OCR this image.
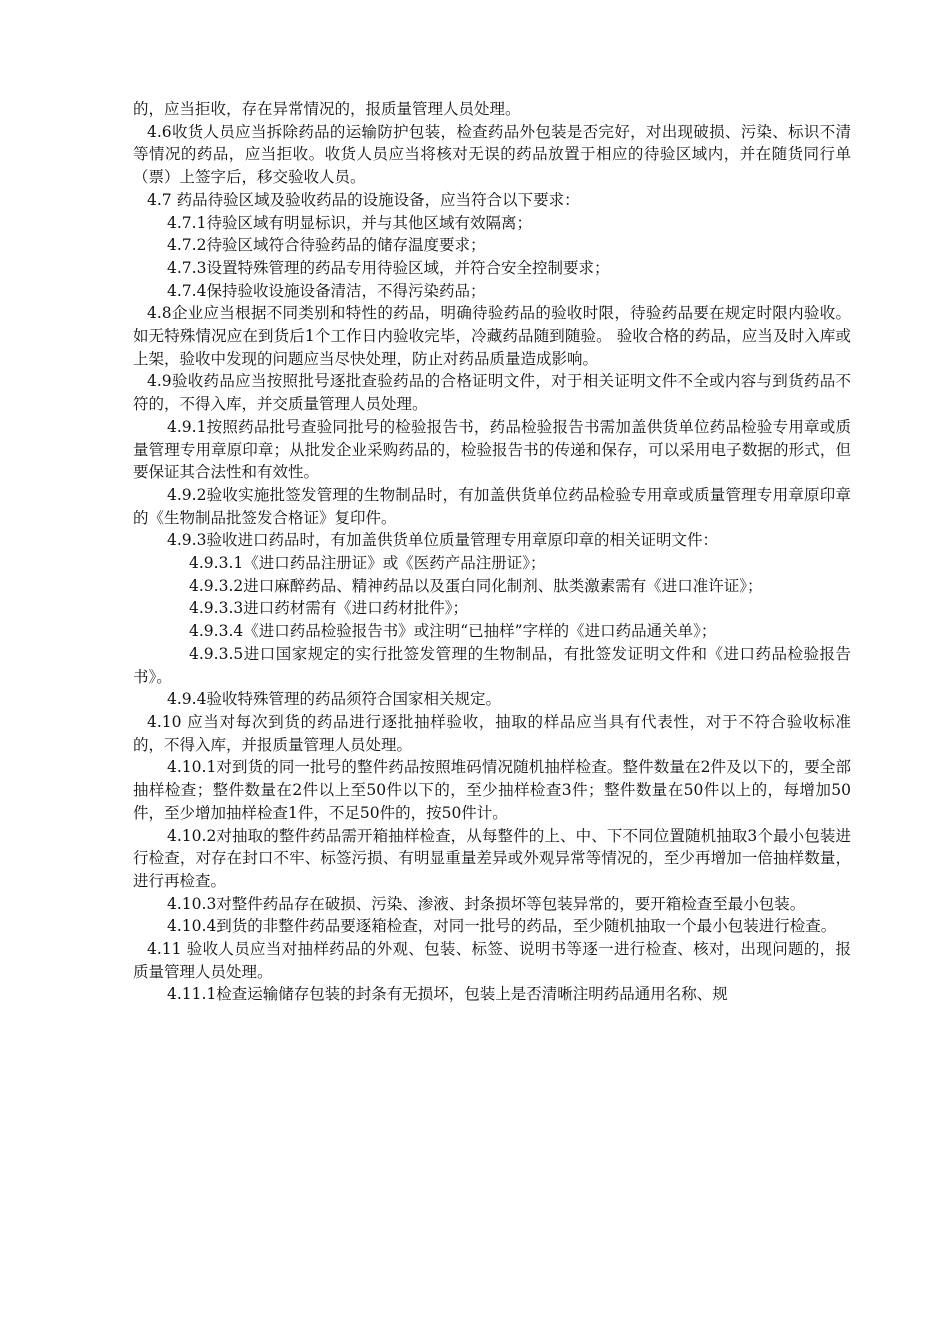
的，应当拒收，存在异常情况的，报质量管理人员处理。

4.6收货人员应当拆除药品的运输防护包装，检查药品外包装是否完好，对出现破损、污染、标识不清等情况的药品，应当拒收。收货人员应当将核对无误的药品放置于相应的待验区域内，并在随货同行单（票）上签字后，移交验收人员。

4.7 药品待验区域及验收药品的设施设备，应当符合以下要求：

4.7.1待验区域有明显标识，并与其他区域有效隔离；

4.7.2待验区域符合待验药品的储存温度要求；

4.7.3设置特殊管理的药品专用待验区域，并符合安全控制要求；

4.7.4保持验收设施设备清洁，不得污染药品；

4.8企业应当根据不同类别和特性的药品，明确待验药品的验收时限，待验药品要在规定时限内验收。如无特殊情况应在到货后1个工作日内验收完毕，冷藏药品随到随验。 验收合格的药品，应当及时入库或上架，验收中发现的问题应当尽快处理，防止对药品质量造成影响。

4.9验收药品应当按照批号逐批查验药品的合格证明文件，对于相关证明文件不全或内容与到货药品不符的，不得入库，并交质量管理人员处理。

4.9.1按照药品批号查验同批号的检验报告书，药品检验报告书需加盖供货单位药品检验专用章或质量管理专用章原印章；从批发企业采购药品的，检验报告书的传递和保存，可以采用电子数据的形式，但要保证其合法性和有效性。

4.9.2验收实施批签发管理的生物制品时，有加盖供货单位药品检验专用章或质量管理专用章原印章的《生物制品批签发合格证》复印件。

4.9.3验收进口药品时，有加盖供货单位质量管理专用章原印章的相关证明文件：

4.9.3.1《进口药品注册证》或《医药产品注册证》；

4.9.3.2进口麻醉药品、精神药品以及蛋白同化制剂、肽类激素需有《进口准许证》；

4.9.3.3进口药材需有《进口药材批件》；

4.9.3.4《进口药品检验报告书》或注明“已抽样”字样的《进口药品通关单》；

4.9.3.5进口国家规定的实行批签发管理的生物制品，有批签发证明文件和《进口药品检验报告书》。

4.9.4验收特殊管理的药品须符合国家相关规定。

4.10 应当对每次到货的药品进行逐批抽样验收，抽取的样品应当具有代表性，对于不符合验收标准的，不得入库，并报质量管理人员处理。

4.10.1对到货的同一批号的整件药品按照堆码情况随机抽样检查。整件数量在2件及以下的，要全部抽样检查；整件数量在2件以上至50件以下的，至少抽样检查3件；整件数量在50件以上的，每增加50件，至少增加抽样检查1件，不足50件的，按50件计。

4.10.2对抽取的整件药品需开箱抽样检查，从每整件的上、中、下不同位置随机抽取3个最小包装进行检查，对存在封口不牢、标签污损、有明显重量差异或外观异常等情况的，至少再增加一倍抽样数量，进行再检查。

4.10.3对整件药品存在破损、污染、渗液、封条损坏等包装异常的，要开箱检查至最小包装。

4.10.4到货的非整件药品要逐箱检查，对同一批号的药品，至少随机抽取一个最小包装进行检查。

4.11 验收人员应当对抽样药品的外观、包装、标签、说明书等逐一进行检查、核对，出现问题的，报质量管理人员处理。

4.11.1检查运输储存包装的封条有无损坏，包装上是否清晰注明药品通用名称、规
